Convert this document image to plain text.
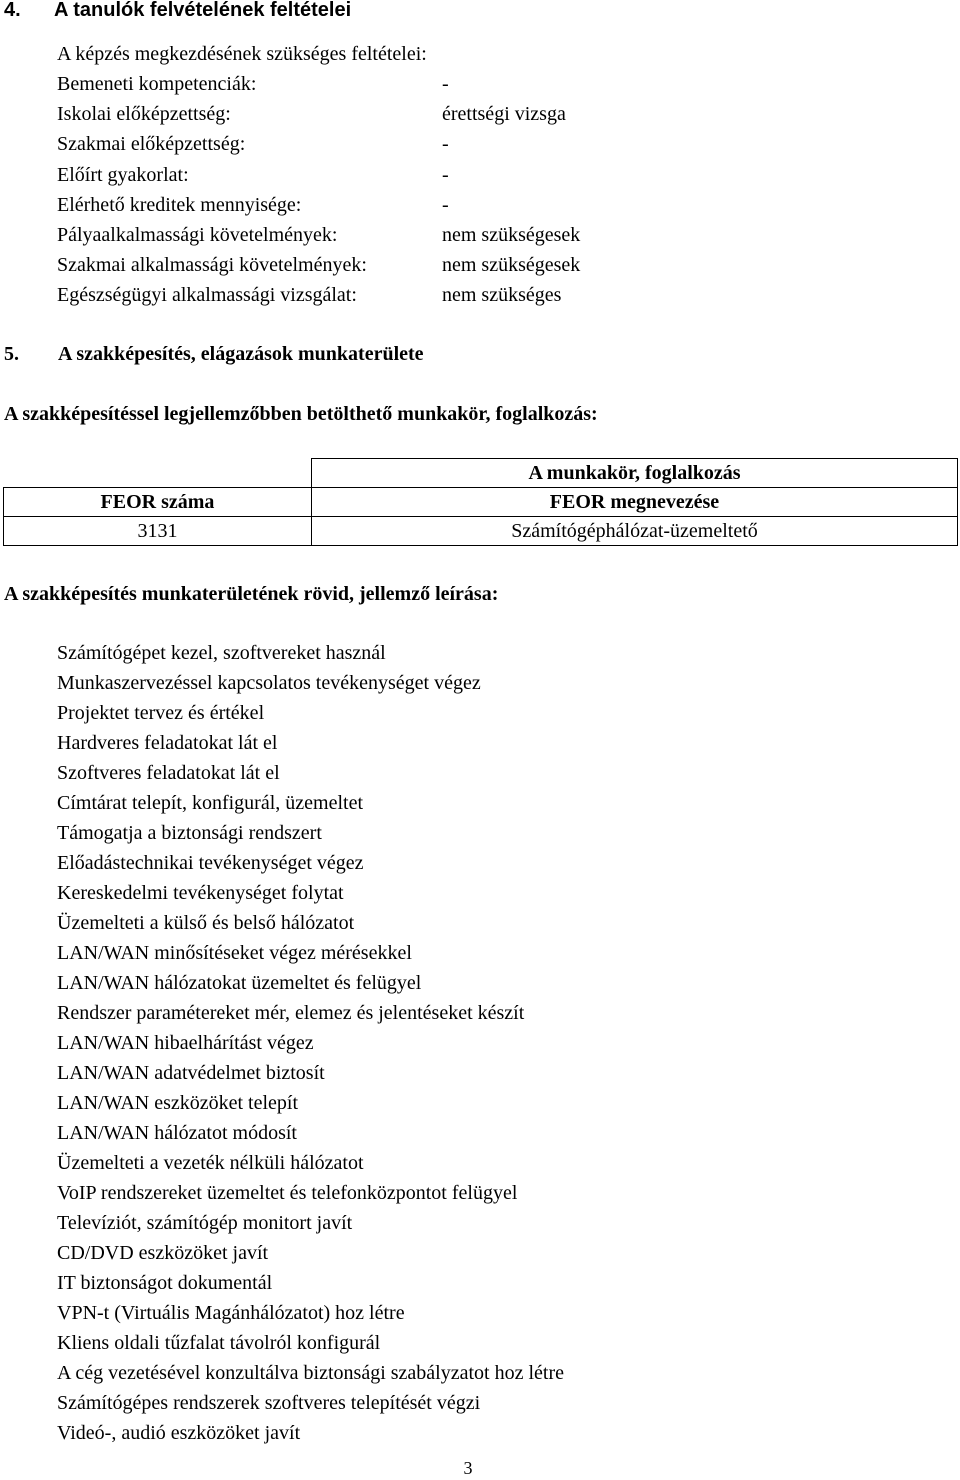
4. A tanulók felvételének feltételei
A képzés megkezdésének szükséges feltételei:
Bemeneti kompetenciák:	-
Iskolai előképzettség:	érettségi vizsga
Szakmai előképzettség:	-
Előírt gyakorlat:	-
Elérhető kreditek mennyisége:	-
Pályaalkalmassági követelmények:	nem szükségesek
Szakmai alkalmassági követelmények:	nem szükségesek
Egészségügyi alkalmassági vizsgálat:	nem szükséges
5. A szakképesítés, elágazások munkaterülete
A szakképesítéssel legjellemzőbben betölthető munkakör, foglalkozás:
	A munkakör, foglalkozás
FEOR száma	FEOR megnevezése
3131	Számítógéphálózat-üzemeltető
A szakképesítés munkaterületének rövid, jellemző leírása:
Számítógépet kezel, szoftvereket használ
Munkaszervezéssel kapcsolatos tevékenységet végez
Projektet tervez és értékel
Hardveres feladatokat lát el
Szoftveres feladatokat lát el
Címtárat telepít, konfigurál, üzemeltet
Támogatja a biztonsági rendszert
Előadástechnikai tevékenységet végez
Kereskedelmi tevékenységet folytat
Üzemelteti a külső és belső hálózatot
LAN/WAN minősítéseket végez mérésekkel
LAN/WAN hálózatokat üzemeltet és felügyel
Rendszer paramétereket mér, elemez és jelentéseket készít
LAN/WAN hibaelhárítást végez
LAN/WAN adatvédelmet biztosít
LAN/WAN eszközöket telepít
LAN/WAN hálózatot módosít
Üzemelteti a vezeték nélküli hálózatot
VoIP rendszereket üzemeltet és telefonközpontot felügyel
Televíziót, számítógép monitort javít
CD/DVD eszközöket javít
IT biztonságot dokumentál
VPN-t (Virtuális Magánhálózatot) hoz létre
Kliens oldali tűzfalat távolról konfigurál
A cég vezetésével konzultálva biztonsági szabályzatot hoz létre
Számítógépes rendszerek szoftveres telepítését végzi
Videó-, audió eszközöket javít
3
